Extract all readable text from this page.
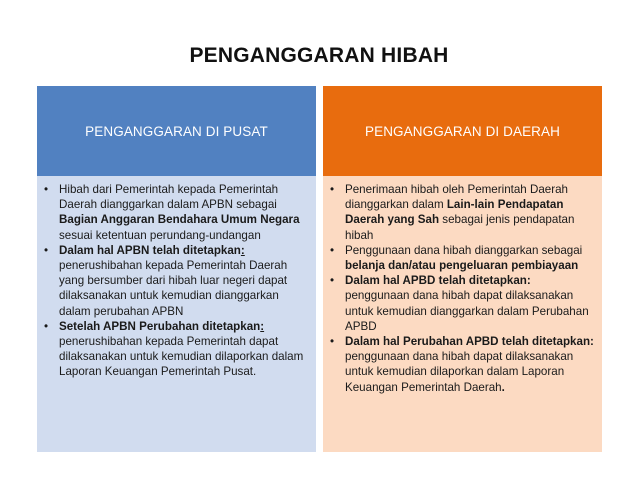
PENGANGGARAN HIBAH
PENGANGGARAN DI PUSAT
• Hibah dari Pemerintah kepada Pemerintah Daerah dianggarkan dalam APBN sebagai Bagian Anggaran Bendahara Umum Negara sesuai ketentuan perundang-undangan
• Dalam hal APBN telah ditetapkan: penerushibahan kepada Pemerintah Daerah yang bersumber dari hibah luar negeri dapat dilaksanakan untuk kemudian dianggarkan dalam perubahan APBN
• Setelah APBN Perubahan ditetapkan: penerushibahan kepada Pemerintah dapat dilaksanakan untuk kemudian dilaporkan dalam Laporan Keuangan Pemerintah Pusat.
PENGANGGARAN DI DAERAH
• Penerimaan hibah oleh Pemerintah Daerah dianggarkan dalam Lain-lain Pendapatan Daerah yang Sah sebagai jenis pendapatan hibah
• Penggunaan dana hibah dianggarkan sebagai belanja dan/atau pengeluaran pembiayaan
• Dalam hal APBD telah ditetapkan: penggunaan dana hibah dapat dilaksanakan untuk kemudian dianggarkan dalam Perubahan APBD
• Dalam hal Perubahan APBD telah ditetapkan: penggunaan dana hibah dapat dilaksanakan untuk kemudian dilaporkan dalam Laporan Keuangan Pemerintah Daerah.
